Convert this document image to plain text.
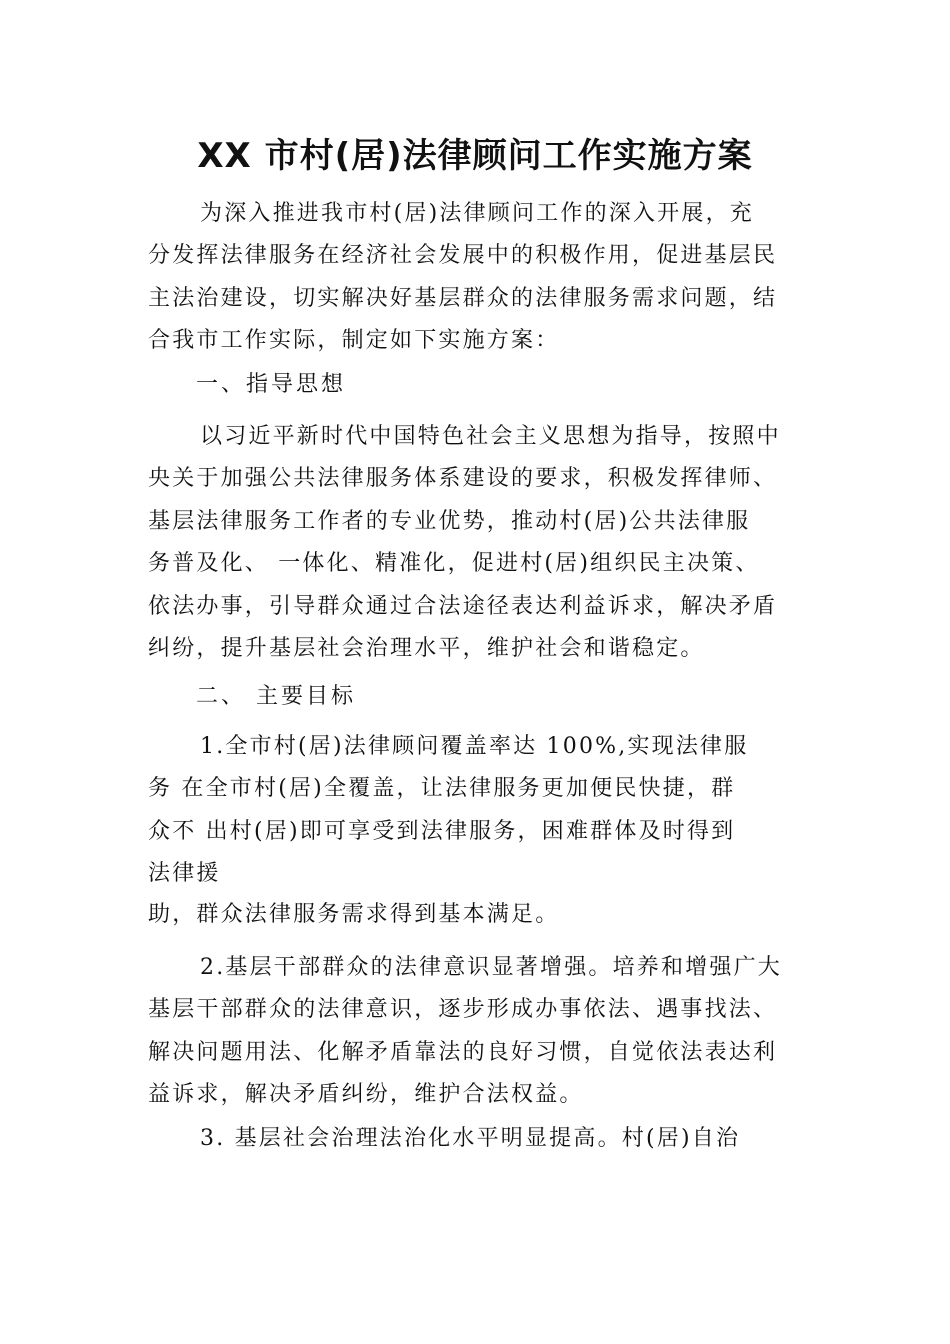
XX 市村(居)法律顾问工作实施方案
为深入推进我市村(居)法律顾问工作的深入开展，充
分发挥法律服务在经济社会发展中的积极作用，促进基层民
主法治建设，切实解决好基层群众的法律服务需求问题，结
合我市工作实际，制定如下实施方案：
一、指导思想
以习近平新时代中国特色社会主义思想为指导，按照中
央关于加强公共法律服务体系建设的要求，积极发挥律师、
基层法律服务工作者的专业优势，推动村(居)公共法律服
务普及化、 一体化、精准化，促进村(居)组织民主决策、
依法办事，引导群众通过合法途径表达利益诉求，解决矛盾
纠纷，提升基层社会治理水平，维护社会和谐稳定。
二、 主要目标
1.全市村(居)法律顾问覆盖率达 100%,实现法律服
务 在全市村(居)全覆盖，让法律服务更加便民快捷，群
众不 出村(居)即可享受到法律服务，困难群体及时得到
法律援
助，群众法律服务需求得到基本满足。
2.基层干部群众的法律意识显著增强。培养和增强广大
基层干部群众的法律意识，逐步形成办事依法、遇事找法、
解决问题用法、化解矛盾靠法的良好习惯，自觉依法表达利
益诉求，解决矛盾纠纷，维护合法权益。
3. 基层社会治理法治化水平明显提高。村(居)自治
